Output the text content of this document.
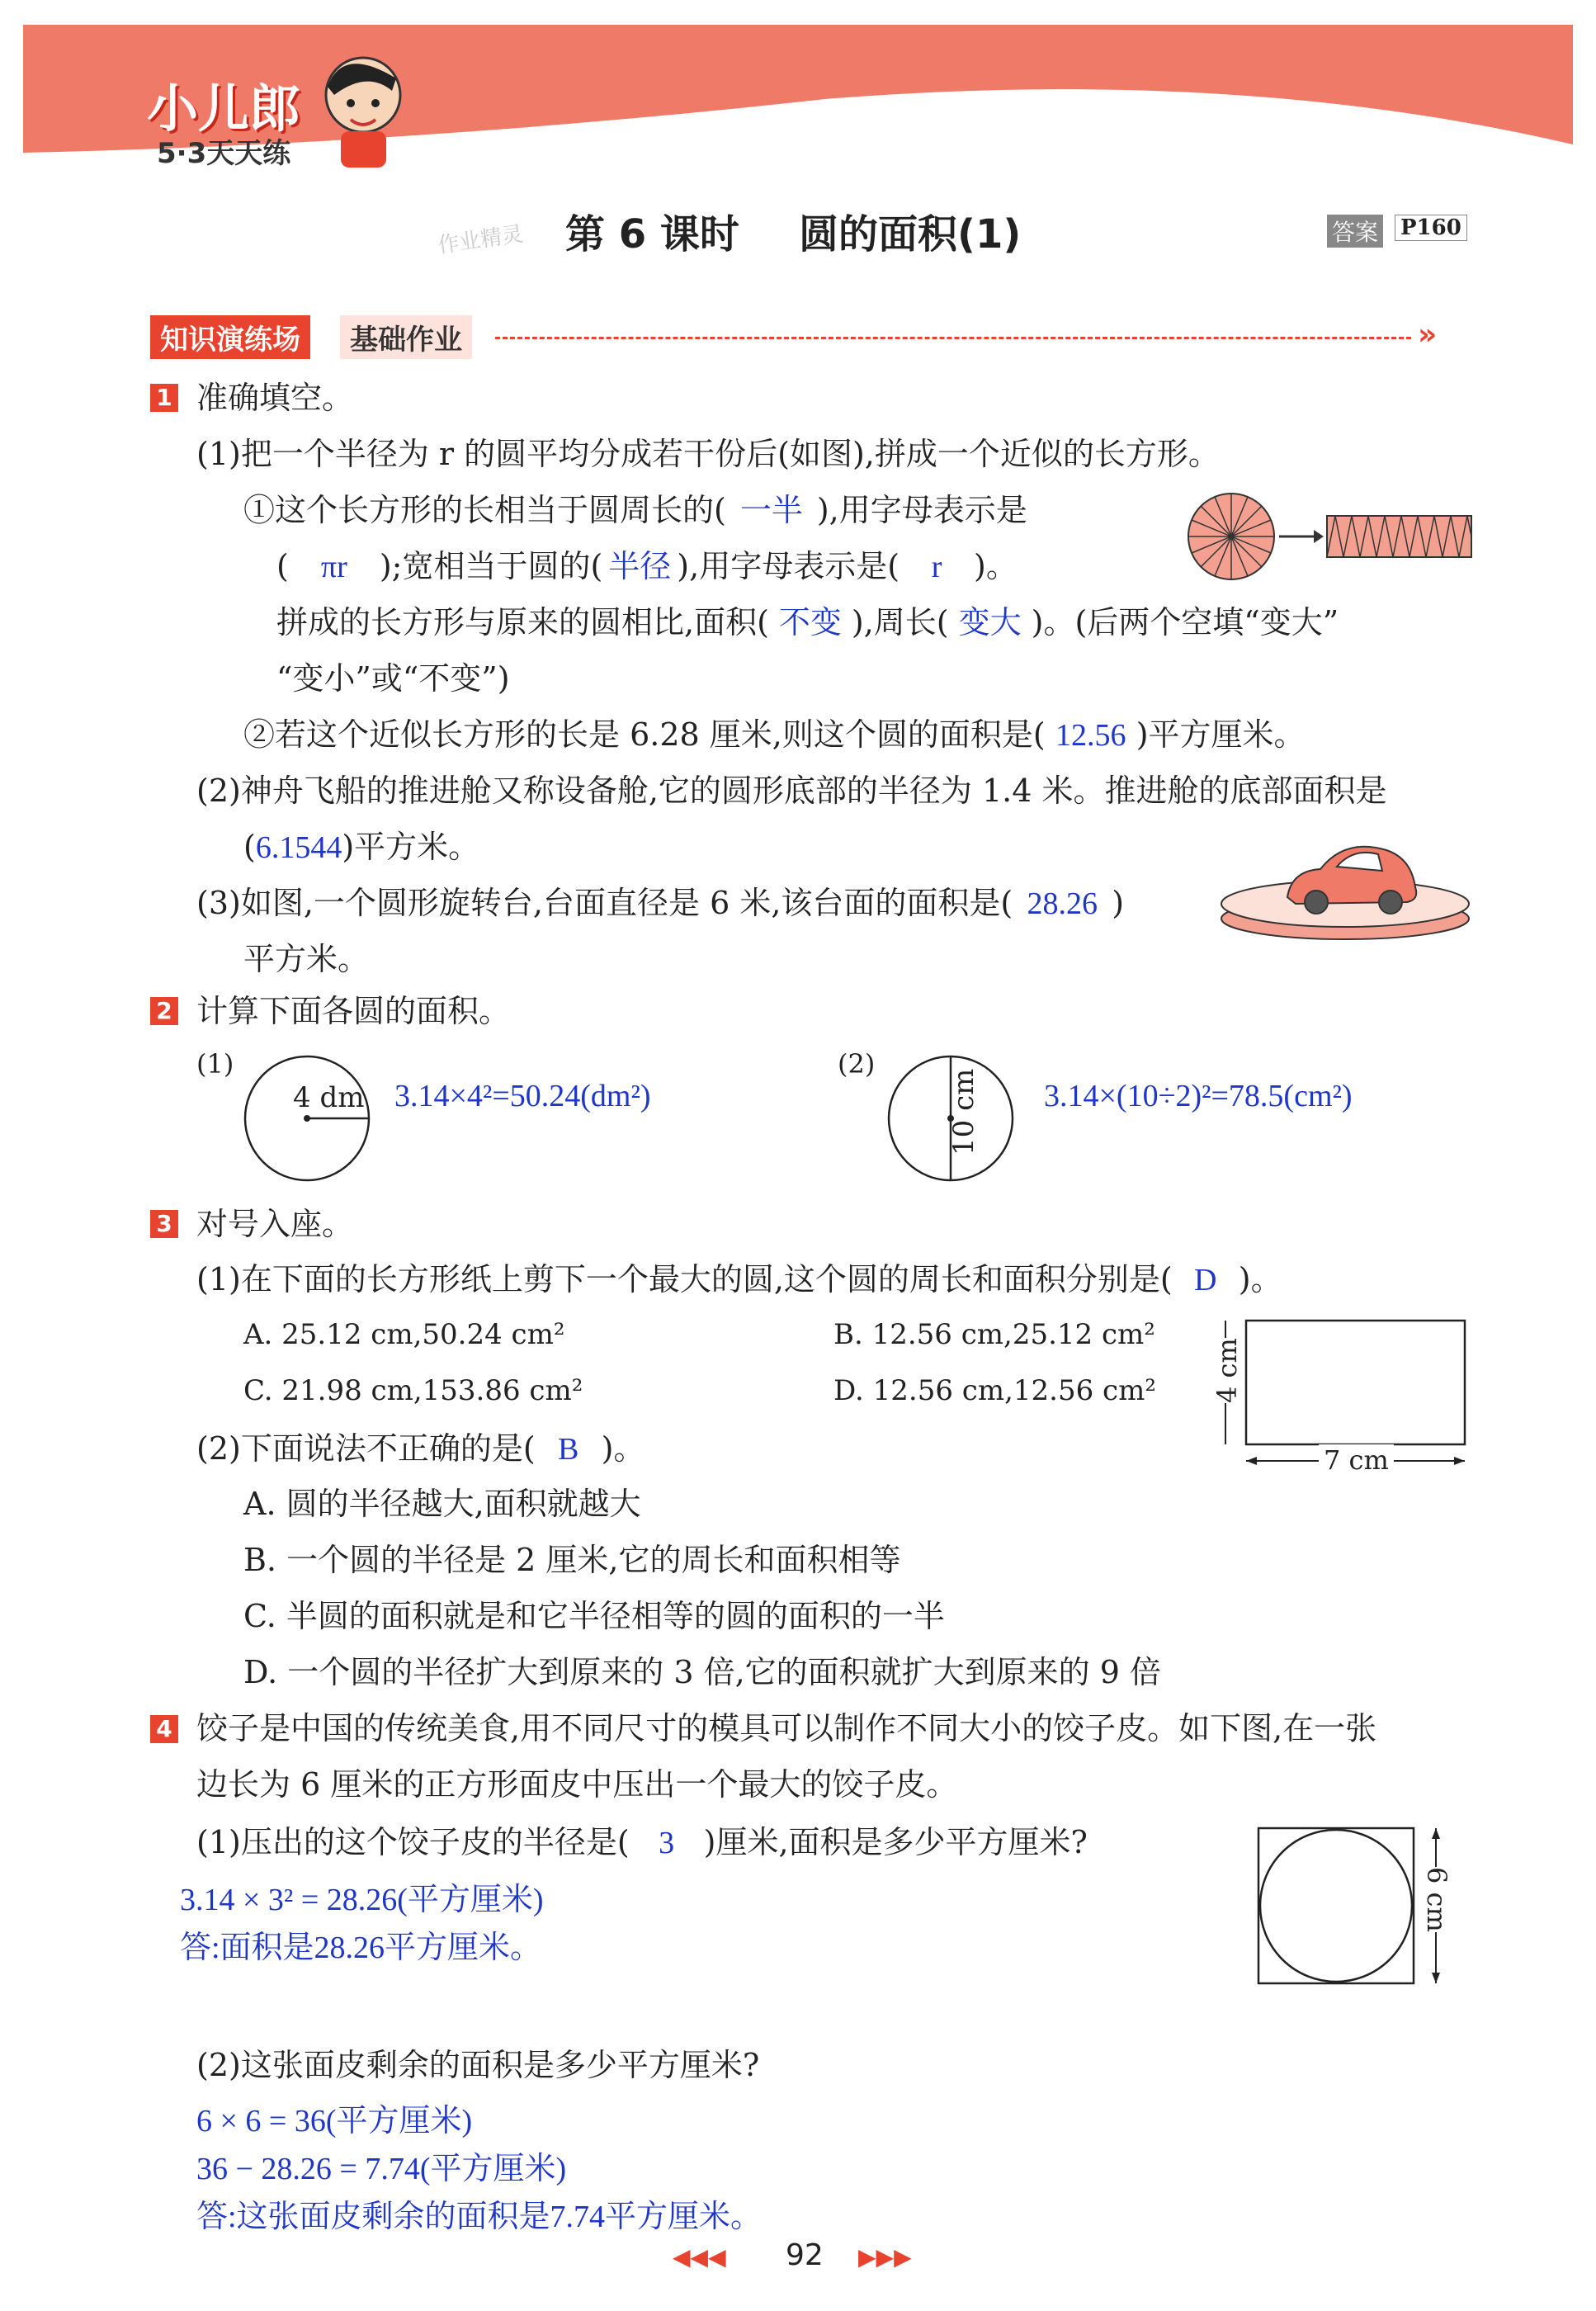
小儿郎
5·3天天练
作业精灵 第 6 课时 圆的面积(1)	答案 P160
知识演练场	基础作业	»
1 准确填空。
(1)把一个半径为 r 的圆平均分成若干份后(如图),拼成一个近似的长方形。
①这个长方形的长相当于圆周长的( 一半 ),用字母表示是
( πr );宽相当于圆的( 半径 ),用字母表示是( r )。
拼成的长方形与原来的圆相比,面积( 不变 ),周长( 变大 )。(后两个空填“变大”
“变小”或“不变”)
②若这个近似长方形的长是 6.28 厘米,则这个圆的面积是( 12.56 )平方厘米。
(2)神舟飞船的推进舱又称设备舱,它的圆形底部的半径为 1.4 米。推进舱的底部面积是
(6.1544)平方米。
(3)如图,一个圆形旋转台,台面直径是 6 米,该台面的面积是( 28.26 )
平方米。
2 计算下面各圆的面积。
(1)
4 dm 3.14×4²=50.24(dm²)
(2)
10 cm 3.14×(10÷2)²=78.5(cm²)
3 对号入座。
(1)在下面的长方形纸上剪下一个最大的圆,这个圆的周长和面积分别是( D )。
A. 25.12 cm,50.24 cm²	B. 12.56 cm,25.12 cm²
C. 21.98 cm,153.86 cm²	D. 12.56 cm,12.56 cm² 4 cm
7 cm
(2)下面说法不正确的是( B )。
A. 圆的半径越大,面积就越大
B. 一个圆的半径是 2 厘米,它的周长和面积相等
C. 半圆的面积就是和它半径相等的圆的面积的一半
D. 一个圆的半径扩大到原来的 3 倍,它的面积就扩大到原来的 9 倍
4 饺子是中国的传统美食,用不同尺寸的模具可以制作不同大小的饺子皮。如下图,在一张
边长为 6 厘米的正方形面皮中压出一个最大的饺子皮。
(1)压出的这个饺子皮的半径是( 3 )厘米,面积是多少平方厘米?
3.14 × 3² = 28.26(平方厘米)
答:面积是28.26平方厘米。
6 cm
(2)这张面皮剩余的面积是多少平方厘米?
6 × 6 = 36(平方厘米)
36 − 28.26 = 7.74(平方厘米)
答:这张面皮剩余的面积是7.74平方厘米。
◀◀◀ 92 ▶▶▶
